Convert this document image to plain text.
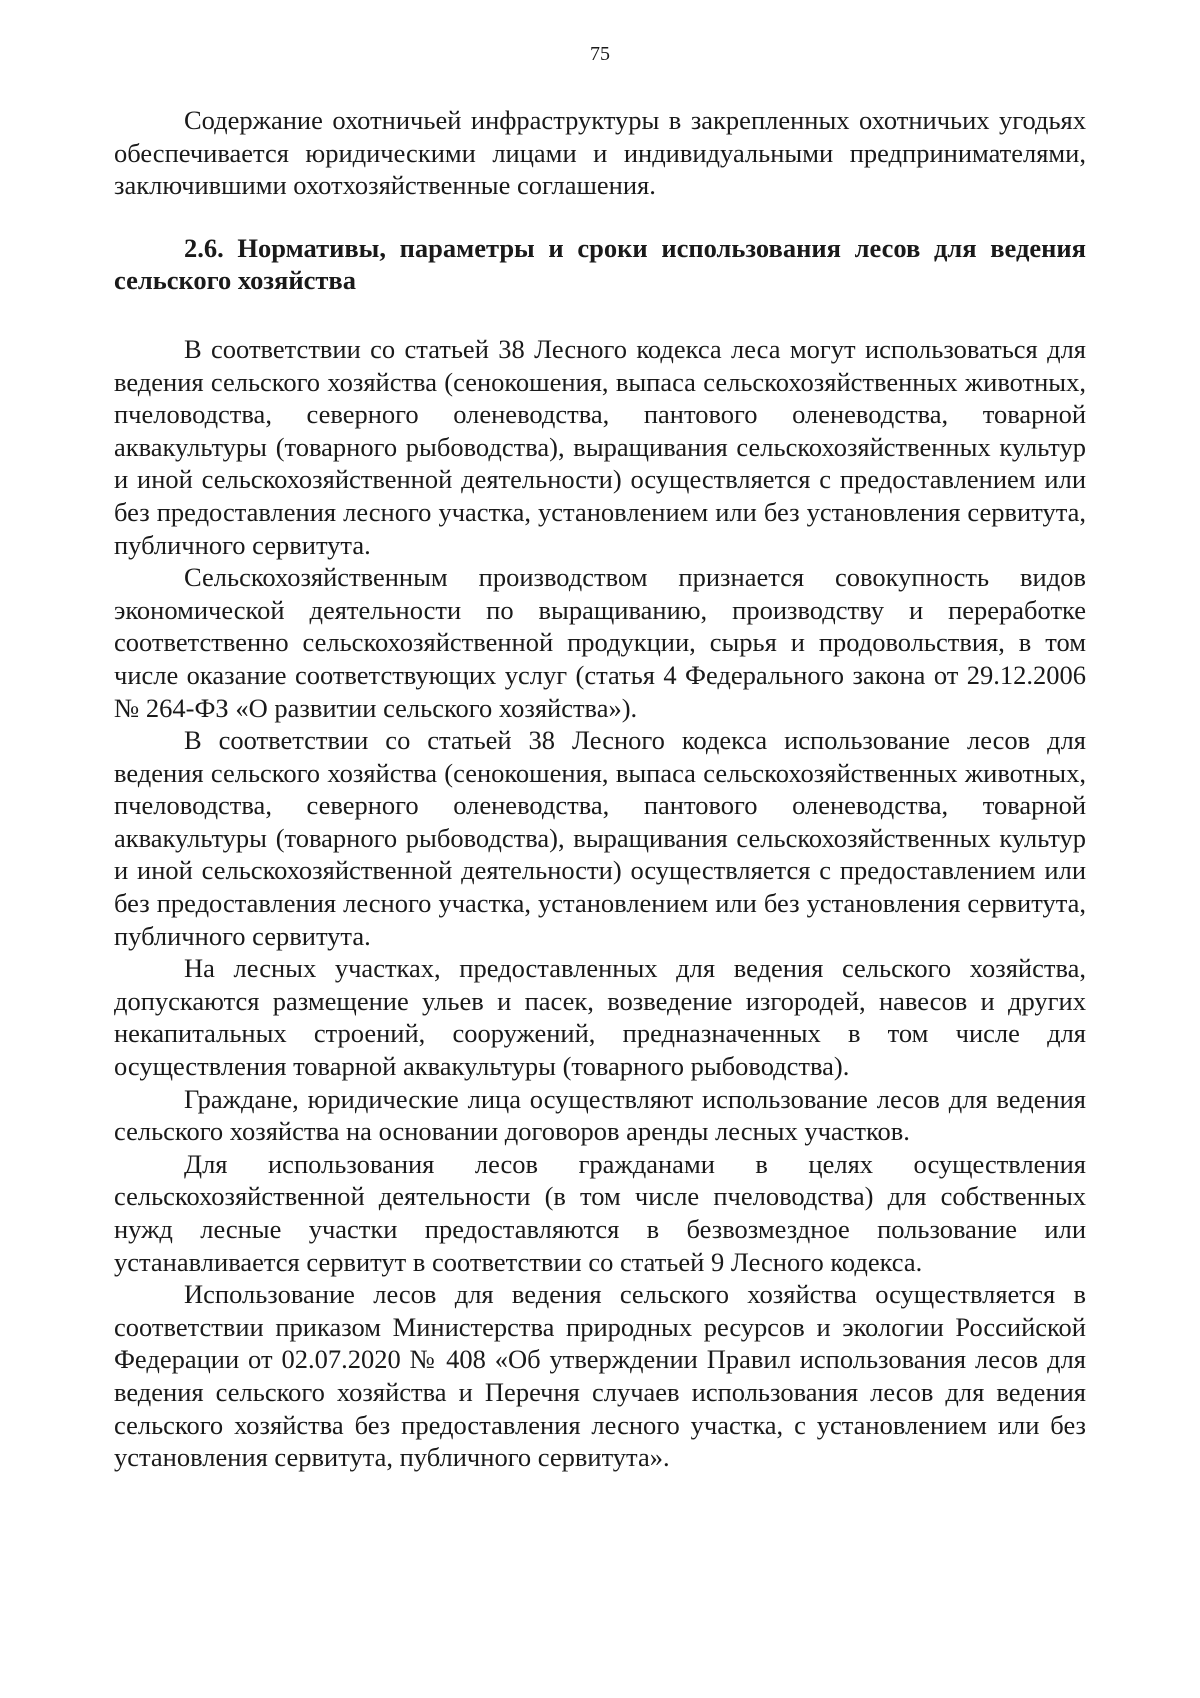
75

Содержание охотничьей инфраструктуры в закрепленных охотничьих угодьях обеспечивается юридическими лицами и индивидуальными предпринимателями, заключившими охотхозяйственные соглашения.

2.6. Нормативы, параметры и сроки использования лесов для ведения сельского хозяйства

В соответствии со статьей 38 Лесного кодекса леса могут использоваться для ведения сельского хозяйства (сенокошения, выпаса сельскохозяйственных животных, пчеловодства, северного оленеводства, пантового оленеводства, товарной аквакультуры (товарного рыбоводства), выращивания сельскохозяйственных культур и иной сельскохозяйственной деятельности) осуществляется с предоставлением или без предоставления лесного участка, установлением или без установления сервитута, публичного сервитута.

Сельскохозяйственным производством признается совокупность видов экономической деятельности по выращиванию, производству и переработке соответственно сельскохозяйственной продукции, сырья и продовольствия, в том числе оказание соответствующих услуг (статья 4 Федерального закона от 29.12.2006 № 264-ФЗ «О развитии сельского хозяйства»).

В соответствии со статьей 38 Лесного кодекса использование лесов для ведения сельского хозяйства (сенокошения, выпаса сельскохозяйственных животных, пчеловодства, северного оленеводства, пантового оленеводства, товарной аквакультуры (товарного рыбоводства), выращивания сельскохозяйственных культур и иной сельскохозяйственной деятельности) осуществляется с предоставлением или без предоставления лесного участка, установлением или без установления сервитута, публичного сервитута.

На лесных участках, предоставленных для ведения сельского хозяйства, допускаются размещение ульев и пасек, возведение изгородей, навесов и других некапитальных строений, сооружений, предназначенных в том числе для осуществления товарной аквакультуры (товарного рыбоводства).

Граждане, юридические лица осуществляют использование лесов для ведения сельского хозяйства на основании договоров аренды лесных участков.

Для использования лесов гражданами в целях осуществления сельскохозяйственной деятельности (в том числе пчеловодства) для собственных нужд лесные участки предоставляются в безвозмездное пользование или устанавливается сервитут в соответствии со статьей 9 Лесного кодекса.

Использование лесов для ведения сельского хозяйства осуществляется в соответствии приказом Министерства природных ресурсов и экологии Российской Федерации от 02.07.2020 № 408 «Об утверждении Правил использования лесов для ведения сельского хозяйства и Перечня случаев использования лесов для ведения сельского хозяйства без предоставления лесного участка, с установлением или без установления сервитута, публичного сервитута».
